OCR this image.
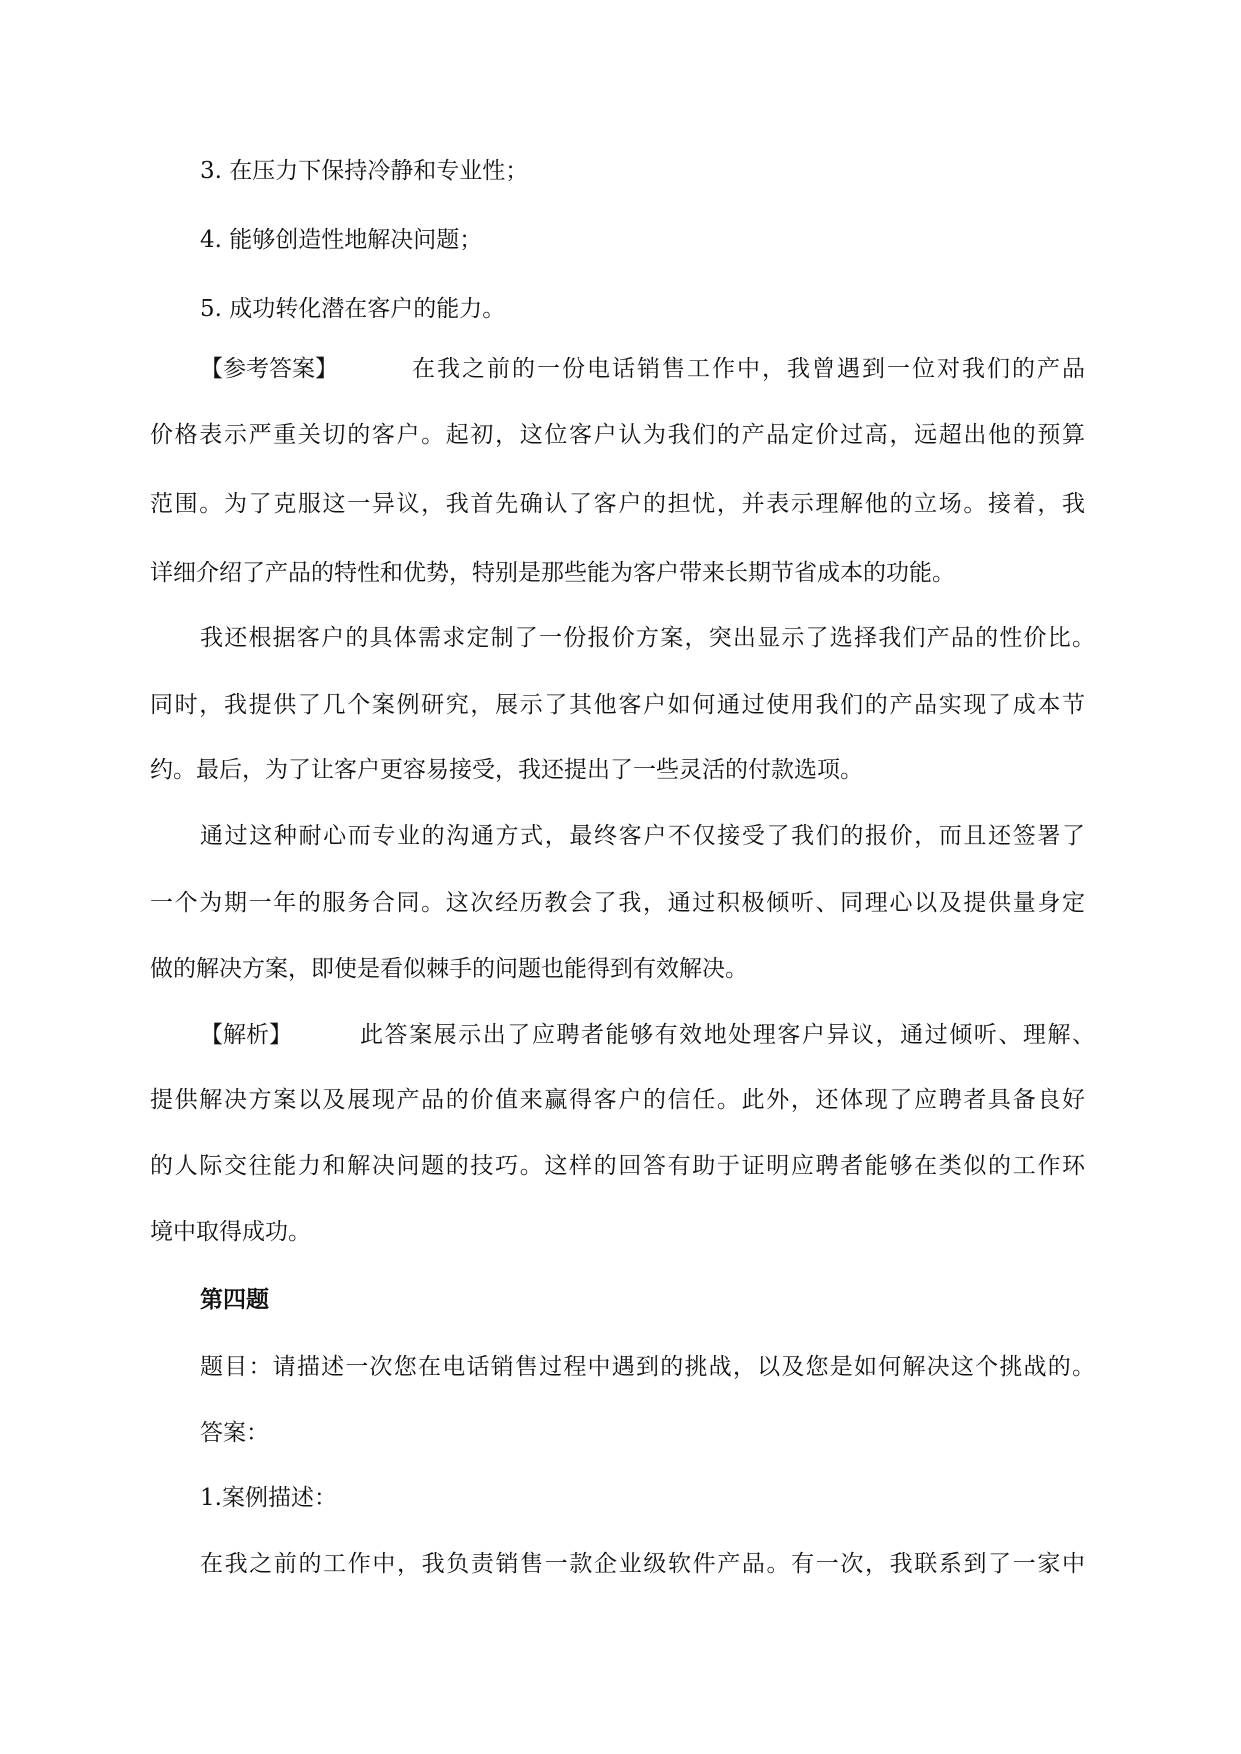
3. 在压力下保持冷静和专业性；
4. 能够创造性地解决问题；
5. 成功转化潜在客户的能力。
【参考答案】	在我之前的一份电话销售工作中，我曾遇到一位对我们的产品
价格表示严重关切的客户。起初，这位客户认为我们的产品定价过高，远超出他的预算
范围。为了克服这一异议，我首先确认了客户的担忧，并表示理解他的立场。接着，我
详细介绍了产品的特性和优势，特别是那些能为客户带来长期节省成本的功能。
我还根据客户的具体需求定制了一份报价方案，突出显示了选择我们产品的性价比。
同时，我提供了几个案例研究，展示了其他客户如何通过使用我们的产品实现了成本节
约。最后，为了让客户更容易接受，我还提出了一些灵活的付款选项。
通过这种耐心而专业的沟通方式，最终客户不仅接受了我们的报价，而且还签署了
一个为期一年的服务合同。这次经历教会了我，通过积极倾听、同理心以及提供量身定
做的解决方案，即使是看似棘手的问题也能得到有效解决。
【解析】	此答案展示出了应聘者能够有效地处理客户异议，通过倾听、理解、
提供解决方案以及展现产品的价值来赢得客户的信任。此外，还体现了应聘者具备良好
的人际交往能力和解决问题的技巧。这样的回答有助于证明应聘者能够在类似的工作环
境中取得成功。
第四题
题目：请描述一次您在电话销售过程中遇到的挑战，以及您是如何解决这个挑战的。
答案：
1.案例描述：
在我之前的工作中，我负责销售一款企业级软件产品。有一次，我联系到了一家中
